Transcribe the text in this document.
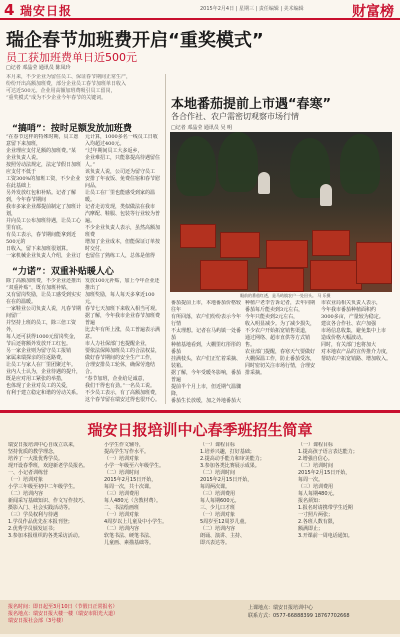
4 瑞安日报	2015年2月4日 | 星期三 | 责任编辑 | 美术编辑	财富榜
瑞企春节加班费开启“重奖模式”
员工获加班费单日近500元
□记者 邓晶莹 通讯员 陈凤玲
本月来，不少企业为留住员工、保证春节期间正常生产，
纷纷开出高额加班费，部分企业员工春节加班单日收入
可达近500元。企业用高额加班费吸引员工留岗，
“重奖模式”成为不少企业今年春节的关键词。
“搞哨”：按时足额发放加班费
“在春节这样的特殊时期，员工愿意留下来加班，
企业理应支付足额的加班费。”某企业负责人说。
按照劳动法规定，法定节假日加班应支付不低于
工资300%的加班工资，不少企业在此基础上
另外发放红包和补贴。记者了解到，今年春节期间
我市多家企业都提前制定了加班计划，
并向员工公布加班待遇，让员工心里有底。
有员工表示，春节期间能拿到近500元的
日收入，留下来加班很划算。
一家机械企业负责人介绍，企业订
元计算，1000多名一线员工日收入均超过400元。
“过年期间员工大多返乡，
企业难招工，只能靠提高待遇留住人。”
该负责人说，公司还为留守员工
安排了年夜饭、免费住宿和春节慰问品，
让员工在厂里也能感受到家的温暖。
记者走访发现，类似做法在我市
汽摩配、鞋服、包装等行业较为普遍。
不少企业负责人表示，虽然高额加班费
增加了企业成本，但能保证订单按时交付，
也留住了熟练工人，总体是值得
“力诺”：双重补贴暖人心
除了高额加班费，不少企业还推出
“双重补贴”，既有加班补贴，
又有留岗奖励，让员工感受到实实在在的温暖。
一家鞋业公司负责人说，凡春节期间留厂
并坚持上班的员工，除三倍工资外，
每人还可获得1000元留岗奖金，
节后还将额外发放开工红包。
另一家企业则为留守员工报销
家属来瑞探亲的往返路费，
让员工与家人在厂里团聚过年。
业内人士认为，企业待遇的提升，
既是应对用工紧张的举措，
也体现了企业对员工的关爱，
有利于建立稳定和谐的劳动关系。
发放100元补贴，加上今年企业还推出了
加班奖励，每人每天多拿近100元，
春节七天加班下来收入相当可观。
据了解，今年我市企业春节加班费普遍
比去年有所上涨，员工普遍表示满意。
市人力社保部门也提醒企业，
要依法保障加班员工的合法权益，
做好春节期间的安全生产工作，
合理安排员工轮休，确保劳逸结合。
“春节加班，企业给足诚意，
我们干得也有劲。”一名员工说。
不少员工表示，有了高额加班费，
这个春节留在瑞安过得也很开心。
本地番茄提前上市遇“春寒”
各合作社、农户需密切观察市场行情
□记者 邓晶莹 通讯员 吴 明
眼前的番茄红透，是马屿镇农户一处田头。 马 乐摄
番茄提前上市，本地番茄价格较往年
有所回落，农户们纷纷表示今年行情
不太理想。记者在马屿镇一处番茄
种植基地看到，大棚里红彤彤的番茄
挂满枝头，农户们正忙着采摘、装箱。
据了解，今年受暖冬影响，番茄普遍
提前半个月上市，但近期气温骤降，
番茄生长放缓，加之外地番茄大
种植户老李告诉记者，去年同期
番茄每斤能卖到3元左右，
今年只能卖到2元左右，
收入明显减少。为了减少损失，
不少农户开始拓宽销售渠道，
通过网络、超市直供等方式销售。
农业部门提醒，春寒天气要做好
大棚保温工作，防止番茄受冻，
同时密切关注市场行情，合理安排采摘。
市农业局相关负责人表示，
今年我市番茄种植面积约
3000多亩，产量较为稳定。
建议各合作社、农户加强
市场信息收集，避免集中上市
造成价格大幅波动。
同时，有关部门也将加大
对本地农产品的宣传推介力度，
帮助农户拓宽销路、增加收入。
瑞安日报培训中心春季班招生简章
瑞安日报培训中心自成立以来，
坚持优质的教学理念，
培养了一大批优秀学员。
现开设春季班，欢迎新老学员报名。
一、小记者训练营
（一）培训对象
小学三年级至初中二年级学生。
（二）培训内容
新闻采写基础知识、作文写作技巧、
摄影入门、社会实践活动等。
（三）学员权利与待遇
1.学员作品优先在本报刊登；
2.优秀学员颁发证书；
3.参加本报组织的各类采访活动。
小学生作文辅导，
提高学生写作水平。
（一）培训对象
小学一年级至六年级学生。
（二）培训时间
2015年2月15日开始，
每周一次，共十次课。
（三）培训费用
每人480元（含教材费）。
二、书法绘画班
（一）培训对象
4周岁以上儿童及中小学生。
（二）培训内容
软笔书法、硬笔书法、
儿童画、素描基础等。
（一）课程目标
1.培养兴趣，打好基础；
2.提高动手能力和审美能力；
3.参加各类比赛展示成果。
（二）培训时间
2015年2月15日开始，
每周两次课。
（三）培训费用
每人每期600元。
三、少儿口才班
（一）培训对象
5周岁至12周岁儿童。
（二）培训内容
朗诵、演讲、主持、
即兴表达等。
（一）课程目标
1.提高孩子语言表达能力；
2.增强自信心。
（二）培训时间
2015年2月15日开始，
每周一次。
（三）培训费用
每人每期480元。
报名须知：
1.报名时请携带学生近期
一寸照片两张；
2.各班人数有限，
额满即止；
3.开课前一周电话通知。
报名时间：即日起至3月10日（节假日正常报名）
报名地点：瑞安日报大楼一楼（瑞安市阳光大道）
瑞安日报社会部（3号楼）
上课地点：瑞安日报培训中心
联系方式：0577-66888399 18767702668
